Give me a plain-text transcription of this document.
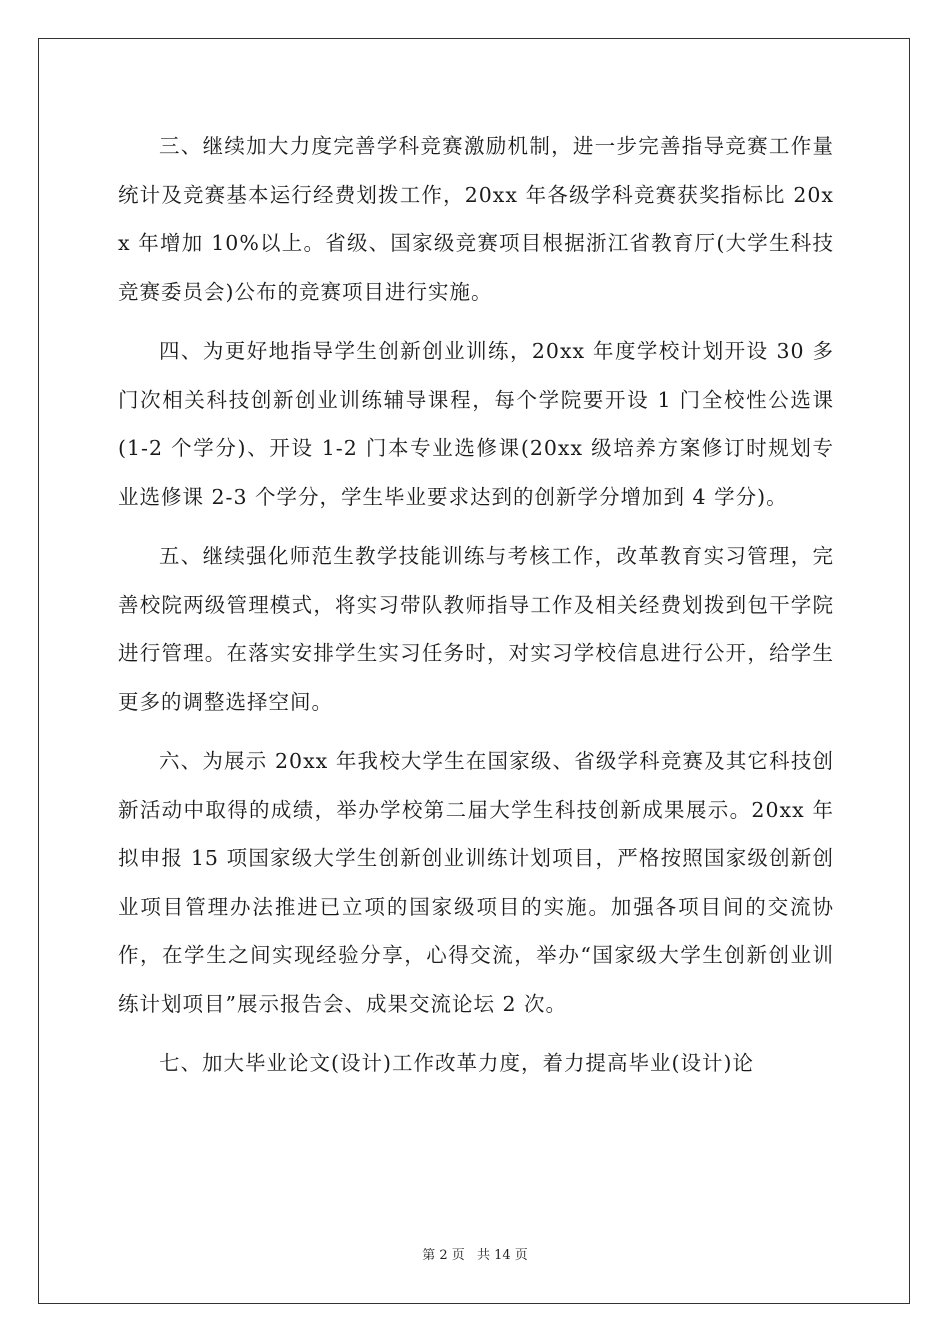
三、继续加大力度完善学科竞赛激励机制，进一步完善指导竞赛工作量统计及竞赛基本运行经费划拨工作，20xx 年各级学科竞赛获奖指标比 20xx 年增加 10%以上。省级、国家级竞赛项目根据浙江省教育厅(大学生科技竞赛委员会)公布的竞赛项目进行实施。

四、为更好地指导学生创新创业训练，20xx 年度学校计划开设 30 多门次相关科技创新创业训练辅导课程，每个学院要开设 1 门全校性公选课(1-2 个学分)、开设 1-2 门本专业选修课(20xx 级培养方案修订时规划专业选修课 2-3 个学分，学生毕业要求达到的创新学分增加到 4 学分)。

五、继续强化师范生教学技能训练与考核工作，改革教育实习管理，完善校院两级管理模式，将实习带队教师指导工作及相关经费划拨到包干学院进行管理。在落实安排学生实习任务时，对实习学校信息进行公开，给学生更多的调整选择空间。

六、为展示 20xx 年我校大学生在国家级、省级学科竞赛及其它科技创新活动中取得的成绩，举办学校第二届大学生科技创新成果展示。20xx 年拟申报 15 项国家级大学生创新创业训练计划项目，严格按照国家级创新创业项目管理办法推进已立项的国家级项目的实施。加强各项目间的交流协作，在学生之间实现经验分享，心得交流，举办“国家级大学生创新创业训练计划项目”展示报告会、成果交流论坛 2 次。

七、加大毕业论文(设计)工作改革力度，着力提高毕业(设计)论

第 2 页 共 14 页
